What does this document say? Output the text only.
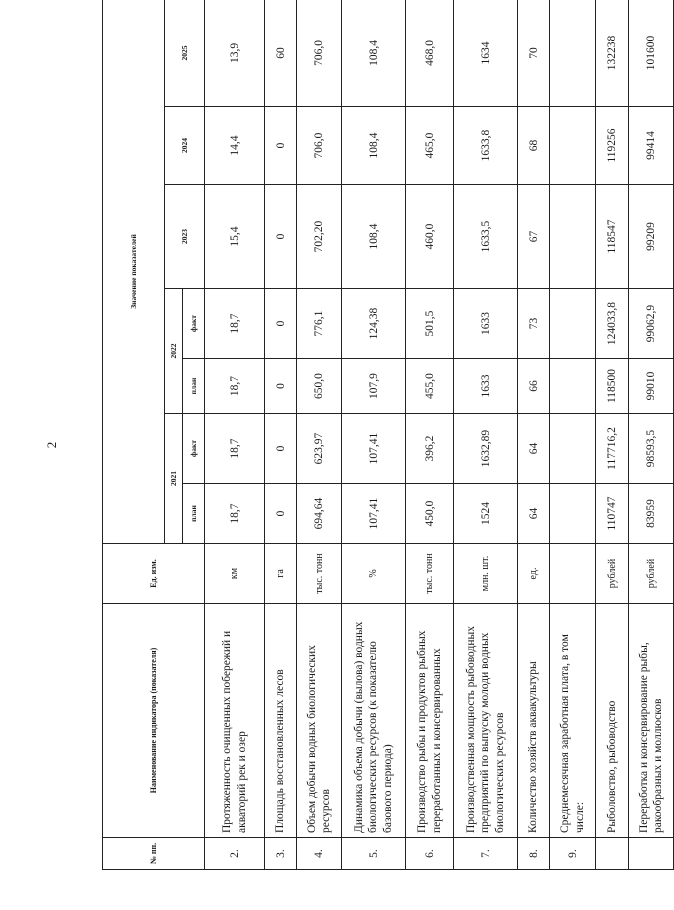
2
№ пп.	Наименование индикатора (показателя)	Ед. изм.	Значение показателей						
			2021		2022		2023	2024	2025
			план	факт	план	факт			
2.	Протяженность очищенных побережий и акваторий рек и озер	км	18,7	18,7	18,7	18,7	15,4	14,4	13,9
3.	Площадь восстановленных лесов	га	0	0	0	0	0	0	60
4.	Объем добычи водных биологических ресурсов	тыс. тонн	694,64	623,97	650,0	776,1	702,20	706,0	706,0
5.	Динамика объема добычи (вылова) водных биологических ресурсов (к показателю базового периода)	%	107,41	107,41	107,9	124,38	108,4	108,4	108,4
6.	Производство рыбы и продуктов рыбных переработанных и консервированных	тыс. тонн	450,0	396,2	455,0	501,5	460,0	465,0	468,0
7.	Производственная мощность рыбоводных предприятий по выпуску молоди водных биологических ресурсов	млн. шт.	1524	1632,89	1633	1633	1633,5	1633,8	1634
8.	Количество хозяйств аквакультуры	ед.	64	64	66	73	67	68	70
9.	Среднемесячная заработная плата, в том числе:								
	Рыболовство, рыбоводство	рублей	110747	117716,2	118500	124033,8	118547	119256	132238
	Переработка и консервирование рыбы, ракообразных и моллюсков	рублей	83959	98593,5	99010	99062,9	99209	99414	101600
